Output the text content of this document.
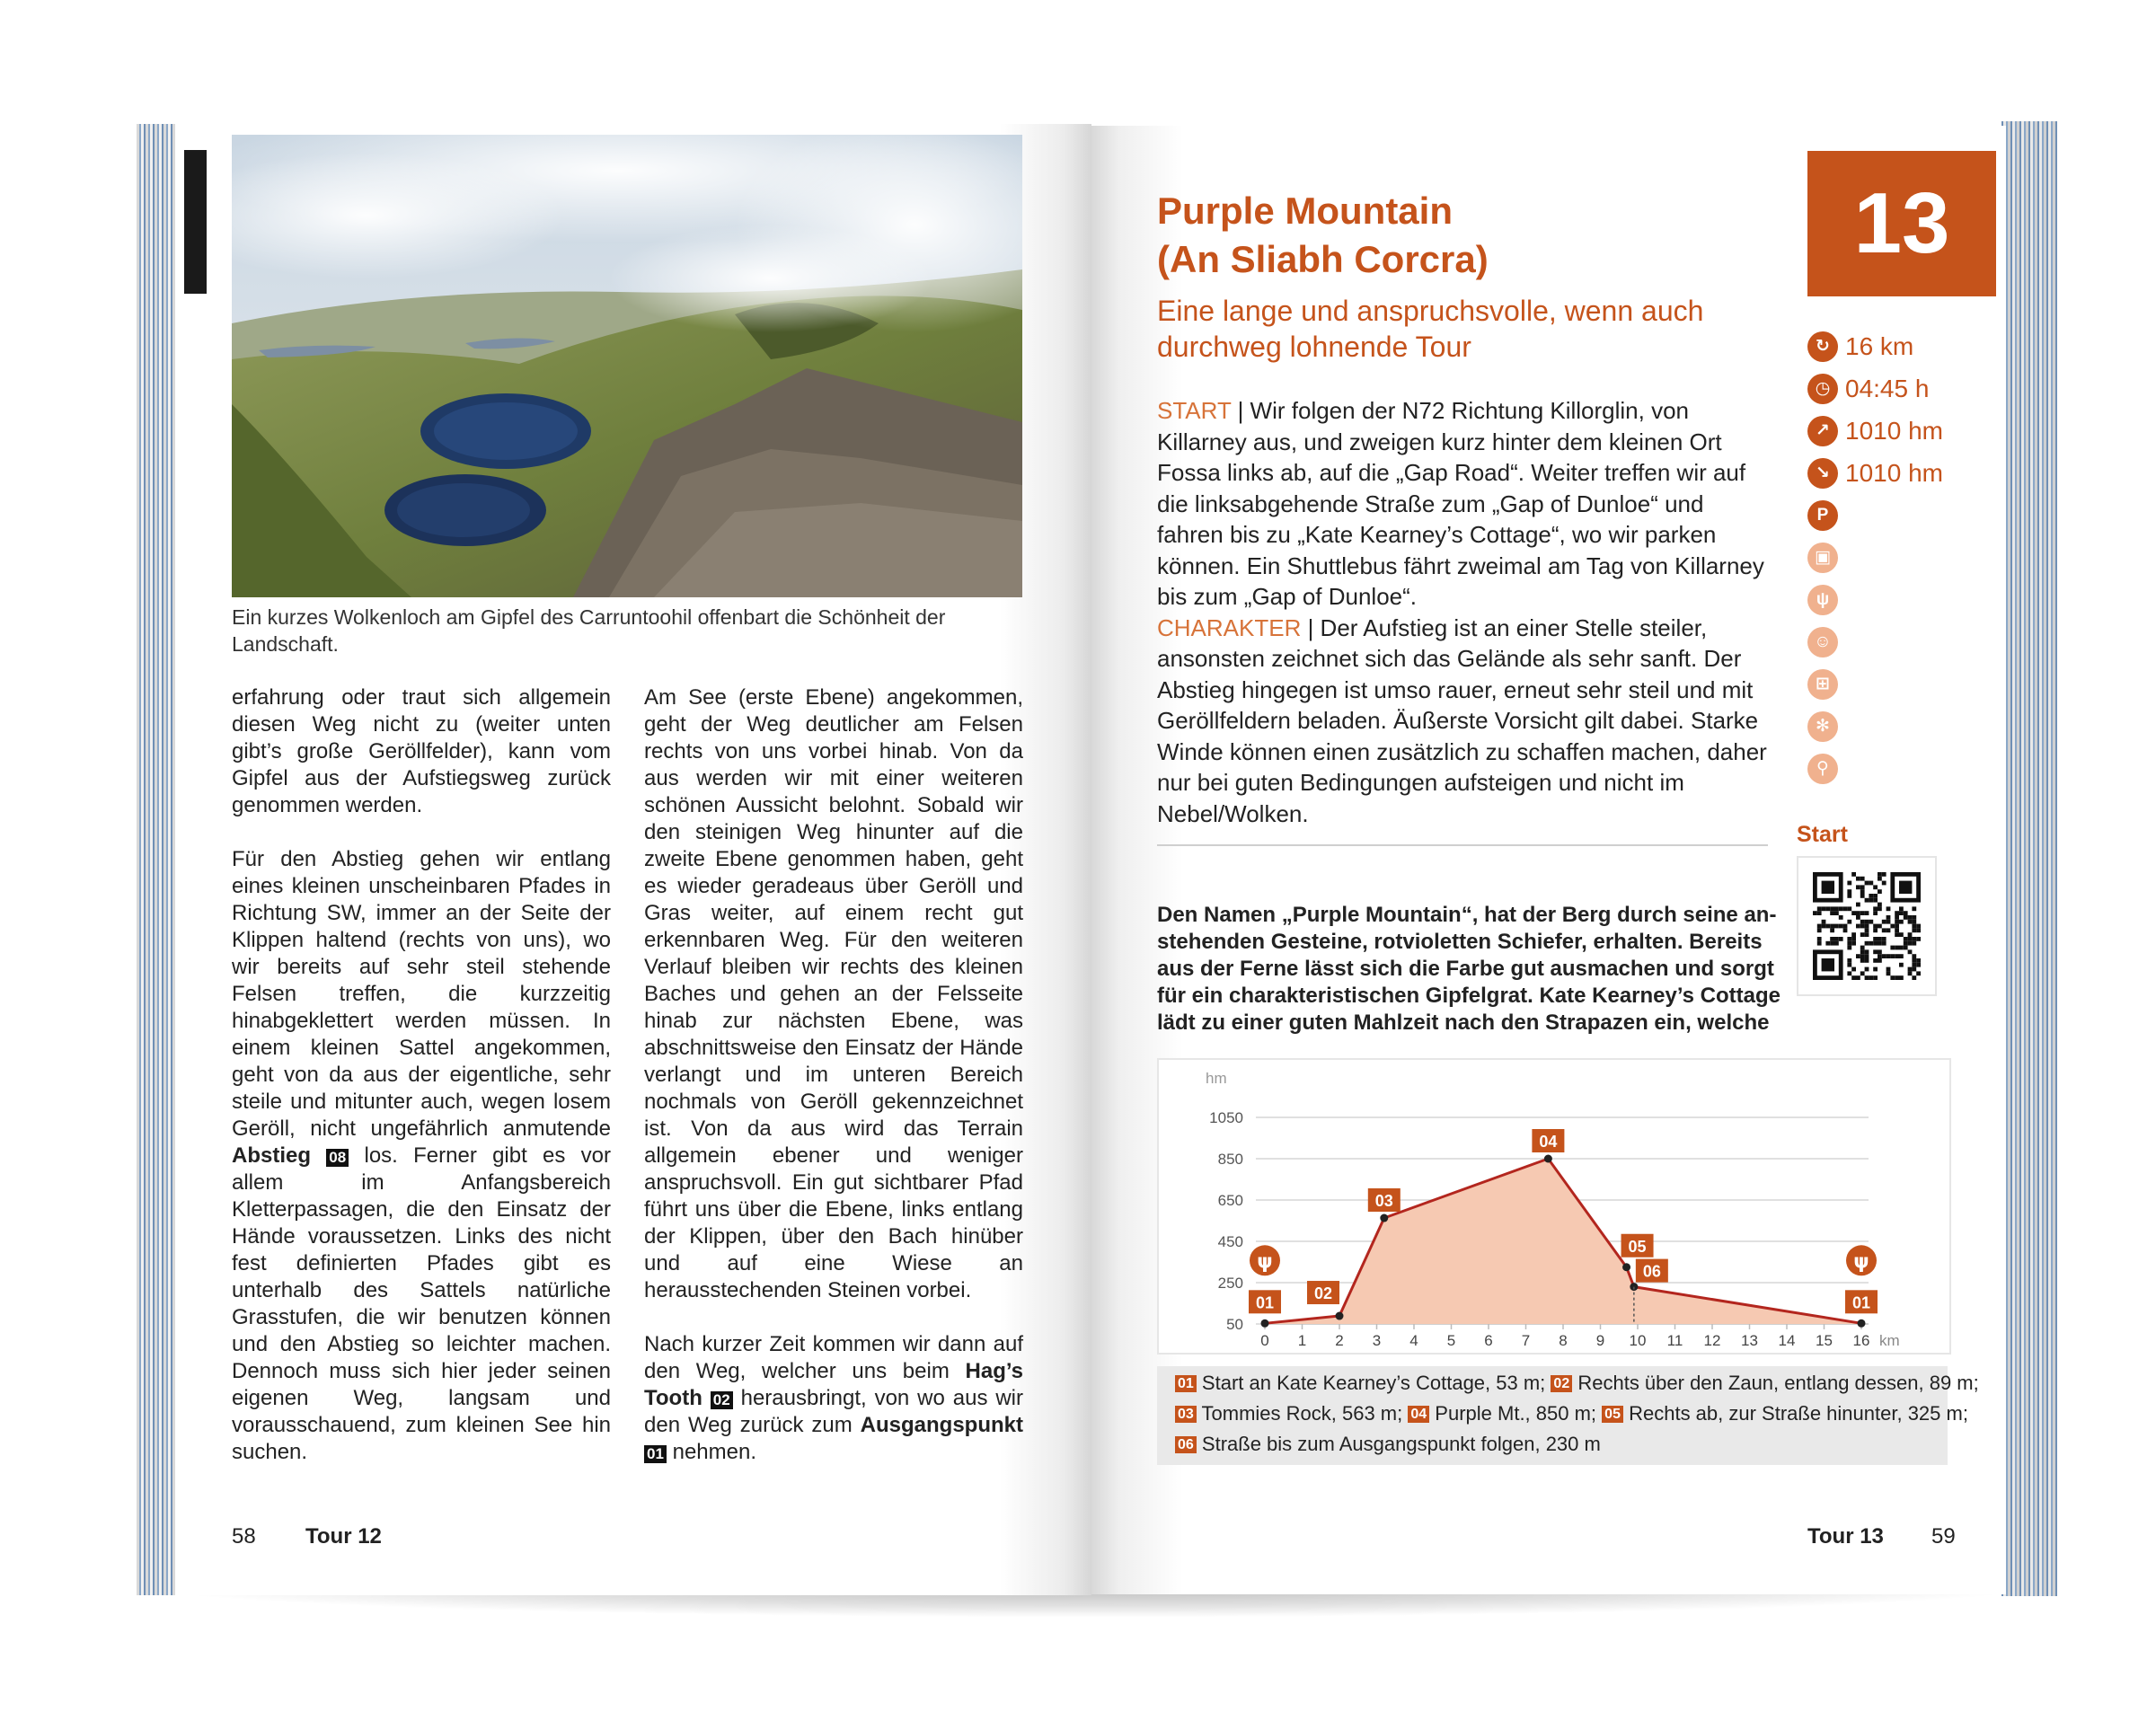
Ein kurzes Wolkenloch am Gipfel des Carruntoohil offenbart die Schönheit der Landschaft.

erfahrung oder traut sich allgemein diesen Weg nicht zu (weiter unten gibt’s große Geröllfelder), kann vom Gipfel aus der Aufstiegsweg zurück genommen werden.

Für den Abstieg gehen wir entlang eines kleinen unscheinbaren Pfades in Richtung SW, immer an der Seite der Klippen haltend (rechts von uns), wo wir bereits auf sehr steil stehende Felsen treffen, die kurzzeitig hinabgeklettert werden müssen. In einem kleinen Sattel angekommen, geht von da aus der eigentliche, sehr steile und mitunter auch, wegen losem Geröll, nicht ungefährlich anmutende Abstieg 08 los. Ferner gibt es vor allem im Anfangsbereich Kletterpassagen, die den Einsatz der Hände voraussetzen. Links des nicht fest definierten Pfades gibt es unterhalb des Sattels natürliche Grasstufen, die wir benutzen können und den Abstieg so leichter machen. Dennoch muss sich hier jeder seinen eigenen Weg, langsam und vorausschauend, zum kleinen See hin suchen.

Am See (erste Ebene) angekommen, geht der Weg deutlicher am Felsen rechts von uns vorbei hinab. Von da aus werden wir mit einer weiteren schönen Aussicht belohnt. Sobald wir den steinigen Weg hinunter auf die zweite Ebene genommen haben, geht es wieder geradeaus über Geröll und Gras weiter, auf einem recht gut erkennbaren Weg. Für den weiteren Verlauf bleiben wir rechts des kleinen Baches und gehen an der Felsseite hinab zur nächsten Ebene, was abschnittsweise den Einsatz der Hände verlangt und im unteren Bereich nochmals von Geröll gekennzeichnet ist. Von da aus wird das Terrain allgemein ebener und weniger anspruchsvoll. Ein gut sichtbarer Pfad führt uns über die Ebene, links entlang der Klippen, über den Bach hinüber und auf eine Wiese an herausstechenden Steinen vorbei.

Nach kurzer Zeit kommen wir dann auf den Weg, welcher uns beim Hag’s Tooth 02 herausbringt, von wo aus wir den Weg zurück zum Ausgangspunkt 01 nehmen.

58 Tour 12
Purple Mountain
(An Sliabh Corcra)
Eine lange und anspruchsvolle, wenn auch
durchweg lohnende Tour

START | Wir folgen der N72 Richtung Killorglin, von Killarney aus, und zweigen kurz hinter dem kleinen Ort Fossa links ab, auf die „Gap Road“. Weiter treffen wir auf die linksabgehende Straße zum „Gap of Dunloe“ und fahren bis zu „Kate Kearney’s Cottage“, wo wir parken können. Ein Shuttlebus fährt zweimal am Tag von Killarney bis zum „Gap of Dunloe“.

CHARAKTER | Der Aufstieg ist an einer Stelle steiler, ansonsten zeichnet sich das Gelände als sehr sanft. Der Abstieg hingegen ist umso rauer, erneut sehr steil und mit Geröllfeldern beladen. Äußerste Vorsicht gilt dabei. Starke Winde können einen zusätzlich zu schaffen machen, daher nur bei guten Bedingungen aufsteigen und nicht im Nebel/Wolken.

Den Namen „Purple Mountain“, hat der Berg durch seine an-
stehenden Gesteine, rotvioletten Schiefer, erhalten. Bereits
aus der Ferne lässt sich die Farbe gut ausmachen und sorgt
für ein charakteristischen Gipfelgrat. Kate Kearney’s Cottage
lädt zu einer guten Mahlzeit nach den Strapazen ein, welche
13
↻ 16 km
◷ 04:45 h
↗ 1010 hm
↘ 1010 hm
P
▣
ψ
☺
⊞
✻
⚲
Start
50
250
450
650
850
1050
hm
0 1 2 3 4 5 6 7 8 9 10 11 12 13 14 15 16 km
01
02
03
04
05
06
01
ψ	ψ
01 Start an Kate Kearney’s Cottage, 53 m; 02 Rechts über den Zaun, entlang dessen, 89 m;
03 Tommies Rock, 563 m; 04 Purple Mt., 850 m; 05 Rechts ab, zur Straße hinunter, 325 m;
06 Straße bis zum Ausgangspunkt folgen, 230 m
Tour 13 59
